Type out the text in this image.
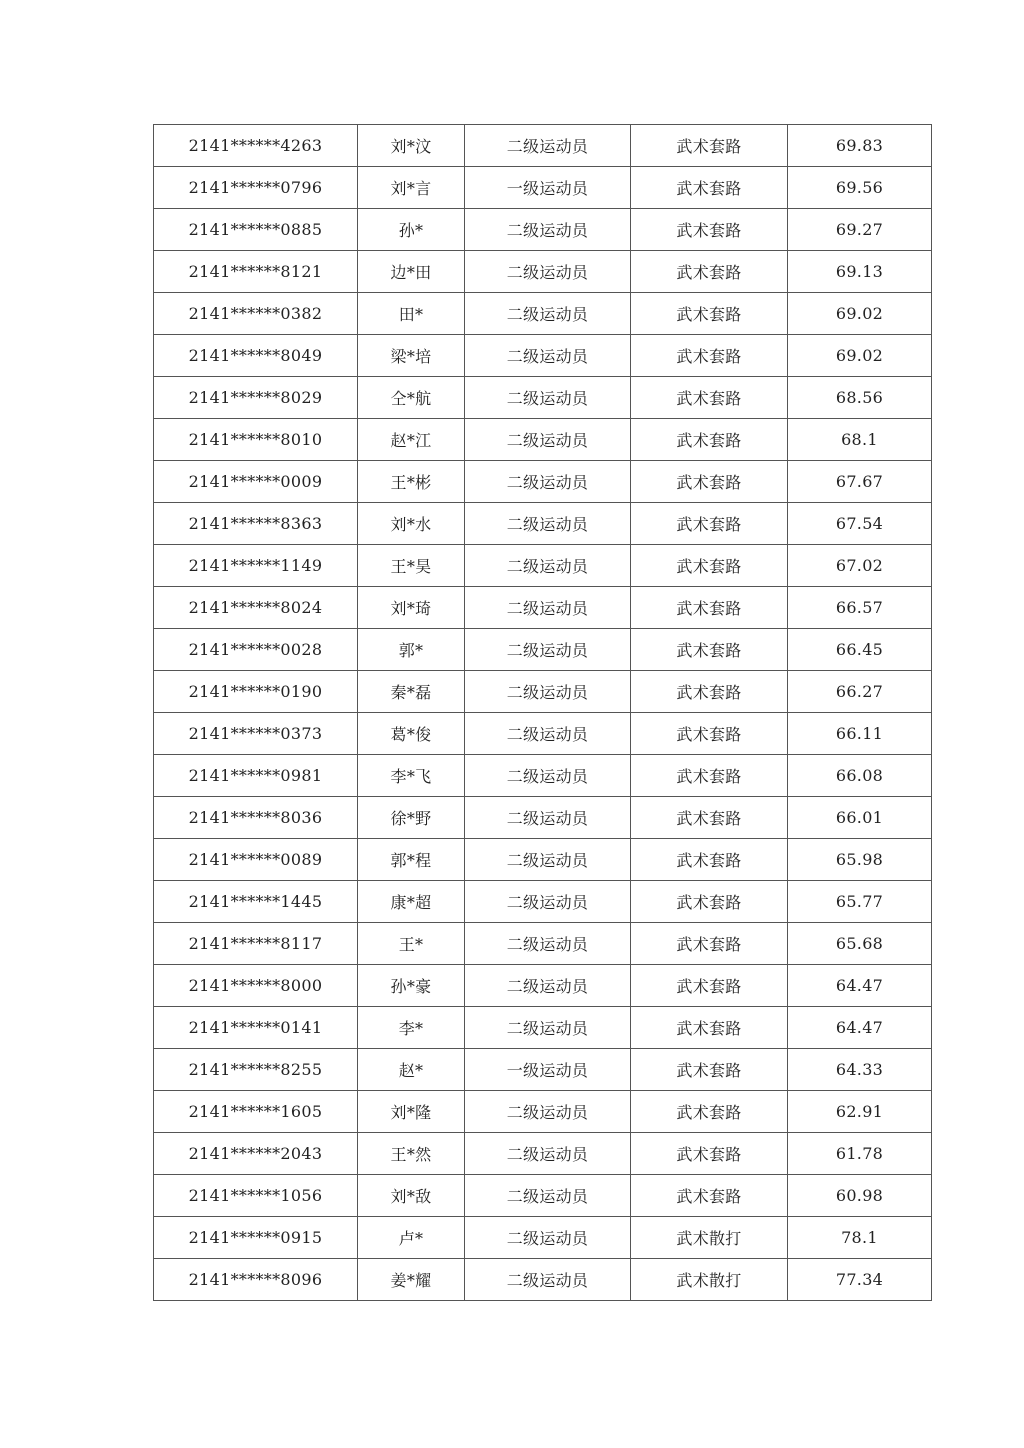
2141******4263	刘*汶	二级运动员	武术套路	69.83
2141******0796	刘*言	一级运动员	武术套路	69.56
2141******0885	孙*	二级运动员	武术套路	69.27
2141******8121	边*田	二级运动员	武术套路	69.13
2141******0382	田*	二级运动员	武术套路	69.02
2141******8049	梁*培	二级运动员	武术套路	69.02
2141******8029	仝*航	二级运动员	武术套路	68.56
2141******8010	赵*江	二级运动员	武术套路	68.1
2141******0009	王*彬	二级运动员	武术套路	67.67
2141******8363	刘*水	二级运动员	武术套路	67.54
2141******1149	王*昊	二级运动员	武术套路	67.02
2141******8024	刘*琦	二级运动员	武术套路	66.57
2141******0028	郭*	二级运动员	武术套路	66.45
2141******0190	秦*磊	二级运动员	武术套路	66.27
2141******0373	葛*俊	二级运动员	武术套路	66.11
2141******0981	李*飞	二级运动员	武术套路	66.08
2141******8036	徐*野	二级运动员	武术套路	66.01
2141******0089	郭*程	二级运动员	武术套路	65.98
2141******1445	康*超	二级运动员	武术套路	65.77
2141******8117	王*	二级运动员	武术套路	65.68
2141******8000	孙*豪	二级运动员	武术套路	64.47
2141******0141	李*	二级运动员	武术套路	64.47
2141******8255	赵*	一级运动员	武术套路	64.33
2141******1605	刘*隆	二级运动员	武术套路	62.91
2141******2043	王*然	二级运动员	武术套路	61.78
2141******1056	刘*敌	二级运动员	武术套路	60.98
2141******0915	卢*	二级运动员	武术散打	78.1
2141******8096	姜*耀	二级运动员	武术散打	77.34
